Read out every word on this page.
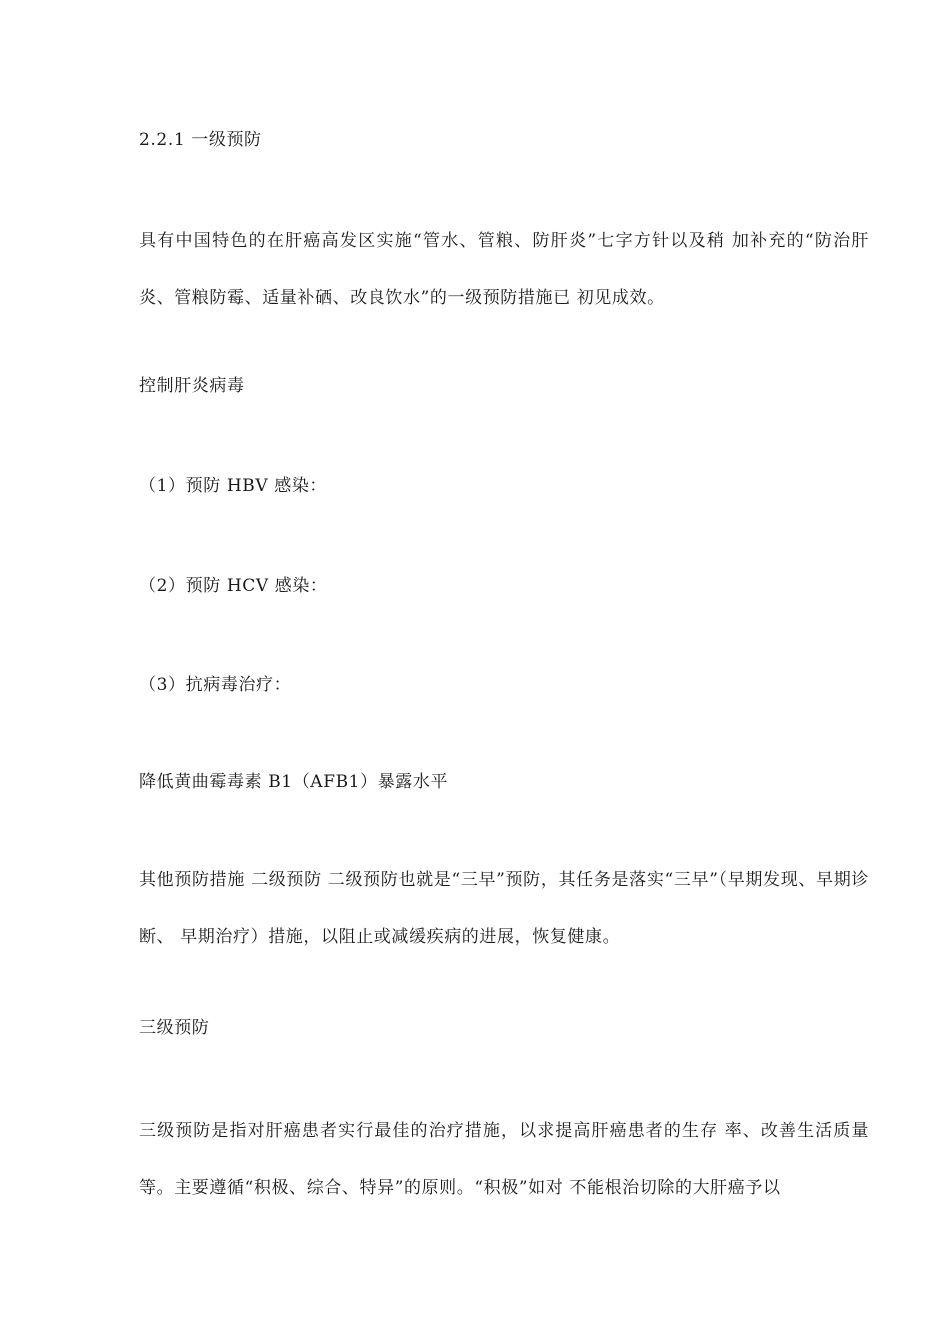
2.2.1 一级预防
具有中国特色的在肝癌高发区实施“管水、管粮、防肝炎”七字方针以及稍 加补充的“防治肝炎、管粮防霉、适量补硒、改良饮水”的一级预防措施已 初见成效。
控制肝炎病毒
（1）预防 HBV 感染：
（2）预防 HCV 感染：
（3）抗病毒治疗：
降低黄曲霉毒素 B1（AFB1）暴露水平
其他预防措施 二级预防 二级预防也就是“三早”预防，其任务是落实“三早”（早期发现、早期诊断、 早期治疗）措施，以阻止或减缓疾病的进展，恢复健康。
三级预防
三级预防是指对肝癌患者实行最佳的治疗措施，以求提高肝癌患者的生存 率、改善生活质量等。主要遵循“积极、综合、特异”的原则。“积极”如对 不能根治切除的大肝癌予以
